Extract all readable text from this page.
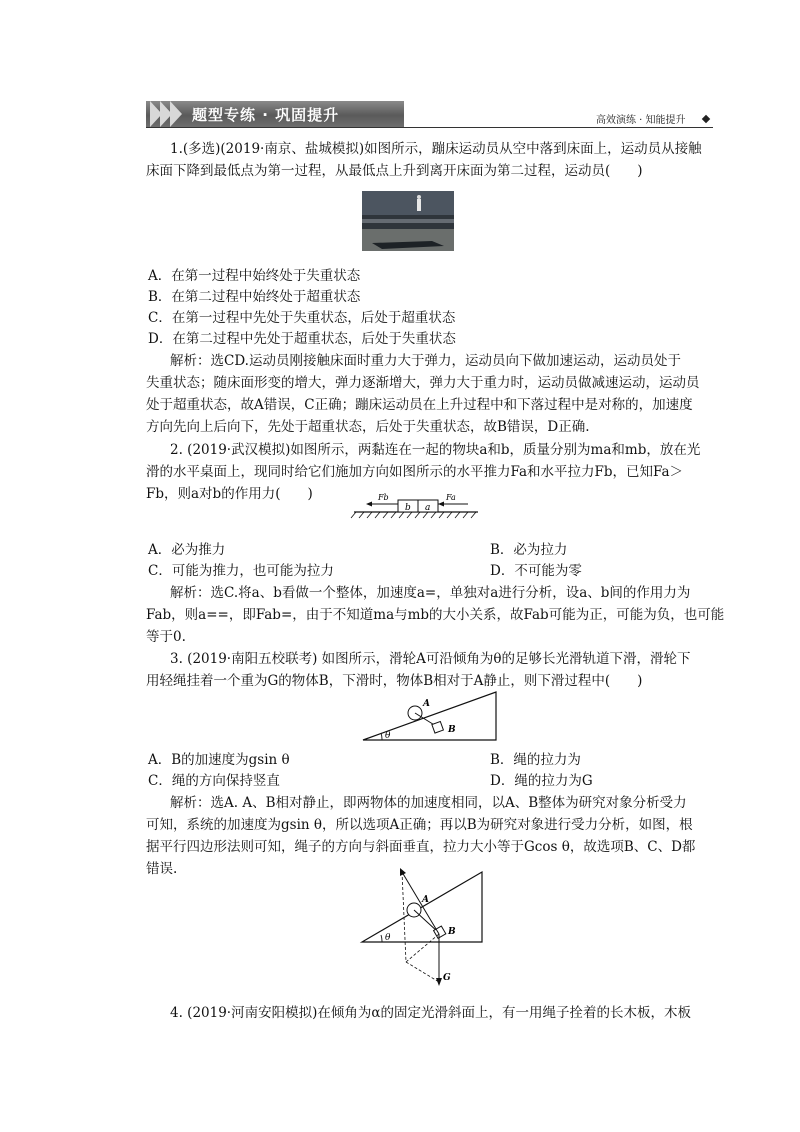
题型专练 · 巩固提升	高效演练 · 知能提升
1.(多选)(2019·南京、盐城模拟)如图所示，蹦床运动员从空中落到床面上，运动员从接触
床面下降到最低点为第一过程，从最低点上升到离开床面为第二过程，运动员(　　)
A．在第一过程中始终处于失重状态
B．在第二过程中始终处于超重状态
C．在第一过程中先处于失重状态，后处于超重状态
D．在第二过程中先处于超重状态，后处于失重状态
解析：选CD.运动员刚接触床面时重力大于弹力，运动员向下做加速运动，运动员处于
失重状态；随床面形变的增大，弹力逐渐增大，弹力大于重力时，运动员做减速运动，运动员
处于超重状态，故A错误，C正确；蹦床运动员在上升过程中和下落过程中是对称的，加速度
方向先向上后向下，先处于超重状态，后处于失重状态，故B错误，D正确.
2. (2019·武汉模拟)如图所示，两黏连在一起的物块a和b，质量分别为ma和mb，放在光
滑的水平桌面上，现同时给它们施加方向如图所示的水平推力Fa和水平拉力Fb，已知Fa＞
Fb，则a对b的作用力(　　)	Fb
b a
Fa
A．必为推力	B．必为拉力
C．可能为推力，也可能为拉力	D．不可能为零
解析：选C.将a、b看做一个整体，加速度a=，单独对a进行分析，设a、b间的作用力为
Fab，则a==，即Fab=，由于不知道ma与mb的大小关系，故Fab可能为正，可能为负，也可能
等于0.
3. (2019·南阳五校联考) 如图所示，滑轮A可沿倾角为θ的足够长光滑轨道下滑，滑轮下
用轻绳挂着一个重为G的物体B，下滑时，物体B相对于A静止，则下滑过程中(　　)
θ
A
B
A．B的加速度为gsin θ	B．绳的拉力为
C．绳的方向保持竖直	D．绳的拉力为G
解析：选A. A、B相对静止，即两物体的加速度相同，以A、B整体为研究对象分析受力
可知，系统的加速度为gsin θ，所以选项A正确；再以B为研究对象进行受力分析，如图，根
据平行四边形法则可知，绳子的方向与斜面垂直，拉力大小等于Gcos θ，故选项B、C、D都
错误.
θ
A
B
G
4. (2019·河南安阳模拟)在倾角为α的固定光滑斜面上，有一用绳子拴着的长木板，木板
